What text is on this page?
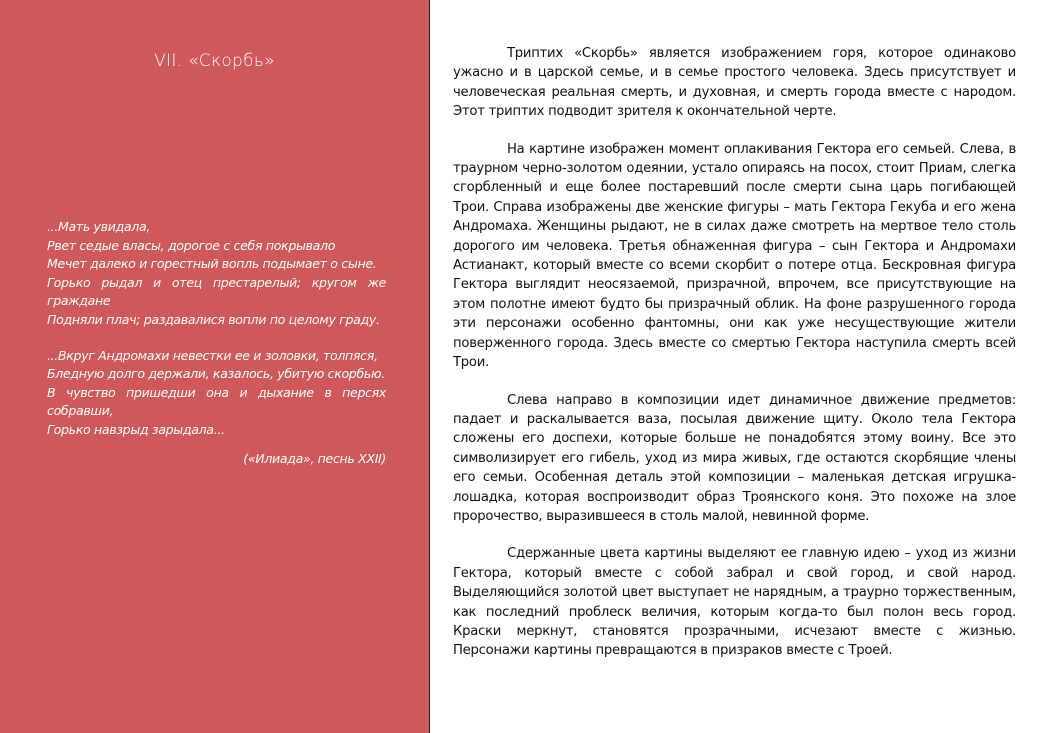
VII. «Скорбь»
...Мать увидала,
Рвет седые власы, дорогое с себя покрывало
Мечет далеко и горестный вопль подымает о сыне.
Горько рыдал и отец престарелый; кругом же граждане
Подняли плач; раздавалися вопли по целому граду.
...Вкруг Андромахи невестки ее и золовки, толпяся,
Бледную долго держали, казалось, убитую скорбью.
В чувство пришедши она и дыхание в персях собравши,
Горько навзрыд зарыдала...
(«Илиада», песнь XXII)

Триптих «Скорбь» является изображением горя, которое одинаково ужасно и в царской семье, и в семье простого человека. Здесь присутствует и человеческая реальная смерть, и духовная, и смерть города вместе с народом. Этот триптих подводит зрителя к окончательной черте.

На картине изображен момент оплакивания Гектора его семьей. Слева, в траурном черно-золотом одеянии, устало опираясь на посох, стоит Приам, слегка сгорбленный и еще более постаревший после смерти сына царь погибающей Трои. Справа изображены две женские фигуры – мать Гектора Гекуба и его жена Андромаха. Женщины рыдают, не в силах даже смотреть на мертвое тело столь дорогого им человека. Третья обнаженная фигура – сын Гектора и Андромахи Астианакт, который вместе со всеми скорбит о потере отца. Бескровная фигура Гектора выглядит неосязаемой, призрачной, впрочем, все присутствующие на этом полотне имеют будто бы призрачный облик. На фоне разрушенного города эти персонажи особенно фантомны, они как уже несуществующие жители поверженного города. Здесь вместе со смертью Гектора наступила смерть всей Трои.

Слева направо в композиции идет динамичное движение предметов: падает и раскалывается ваза, посылая движение щиту. Около тела Гектора сложены его доспехи, которые больше не понадобятся этому воину. Все это символизирует его гибель, уход из мира живых, где остаются скорбящие члены его семьи. Особенная деталь этой композиции – маленькая детская игрушка-лошадка, которая воспроизводит образ Троянского коня. Это похоже на злое пророчество, выразившееся в столь малой, невинной форме.

Сдержанные цвета картины выделяют ее главную идею – уход из жизни Гектора, который вместе с собой забрал и свой город, и свой народ. Выделяющийся золотой цвет выступает не нарядным, а траурно торжественным, как последний проблеск величия, которым когда-то был полон весь город. Краски меркнут, становятся прозрачными, исчезают вместе с жизнью. Персонажи картины превращаются в призраков вместе с Троей.
